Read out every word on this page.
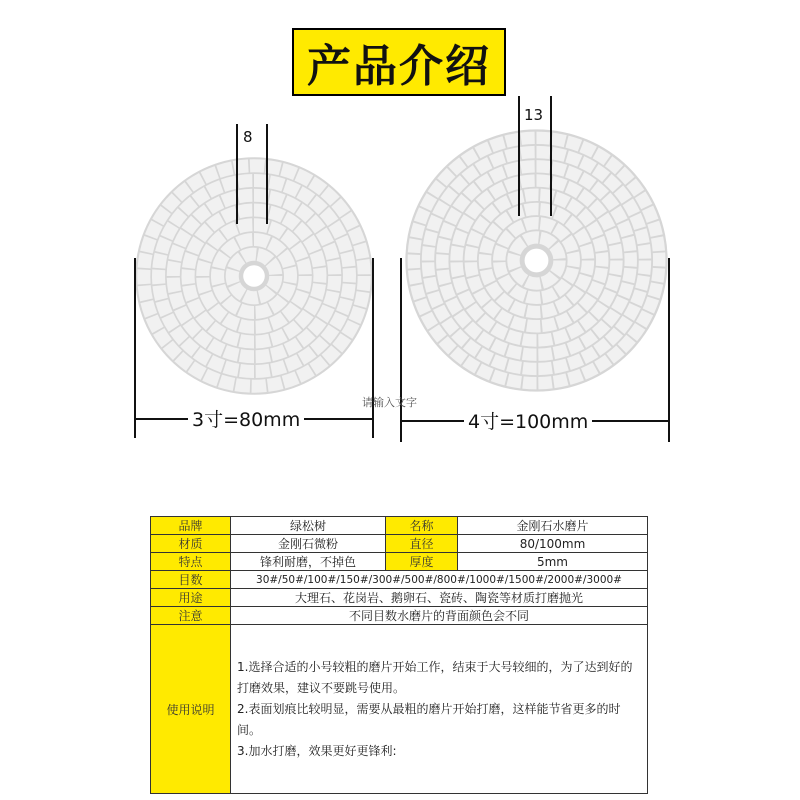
产品介绍
8
3寸=80mm
13
4寸=100mm
请输入文字
品牌	绿松树	名称	金刚石水磨片
材质	金刚石微粉	直径	80/100mm
特点	锋利耐磨，不掉色	厚度	5mm
目数	30#/50#/100#/150#/300#/500#/800#/1000#/1500#/2000#/3000#		
用途	大理石、花岗岩、鹅卵石、瓷砖、陶瓷等材质打磨抛光		
注意	不同目数水磨片的背面颜色会不同		
使用说明	1.选择合适的小号较粗的磨片开始工作，结束于大号较细的，为了达到好的打磨效果，建议不要跳号使用。
2.表面划痕比较明显，需要从最粗的磨片开始打磨，这样能节省更多的时间。
3.加水打磨，效果更好更锋利:		
